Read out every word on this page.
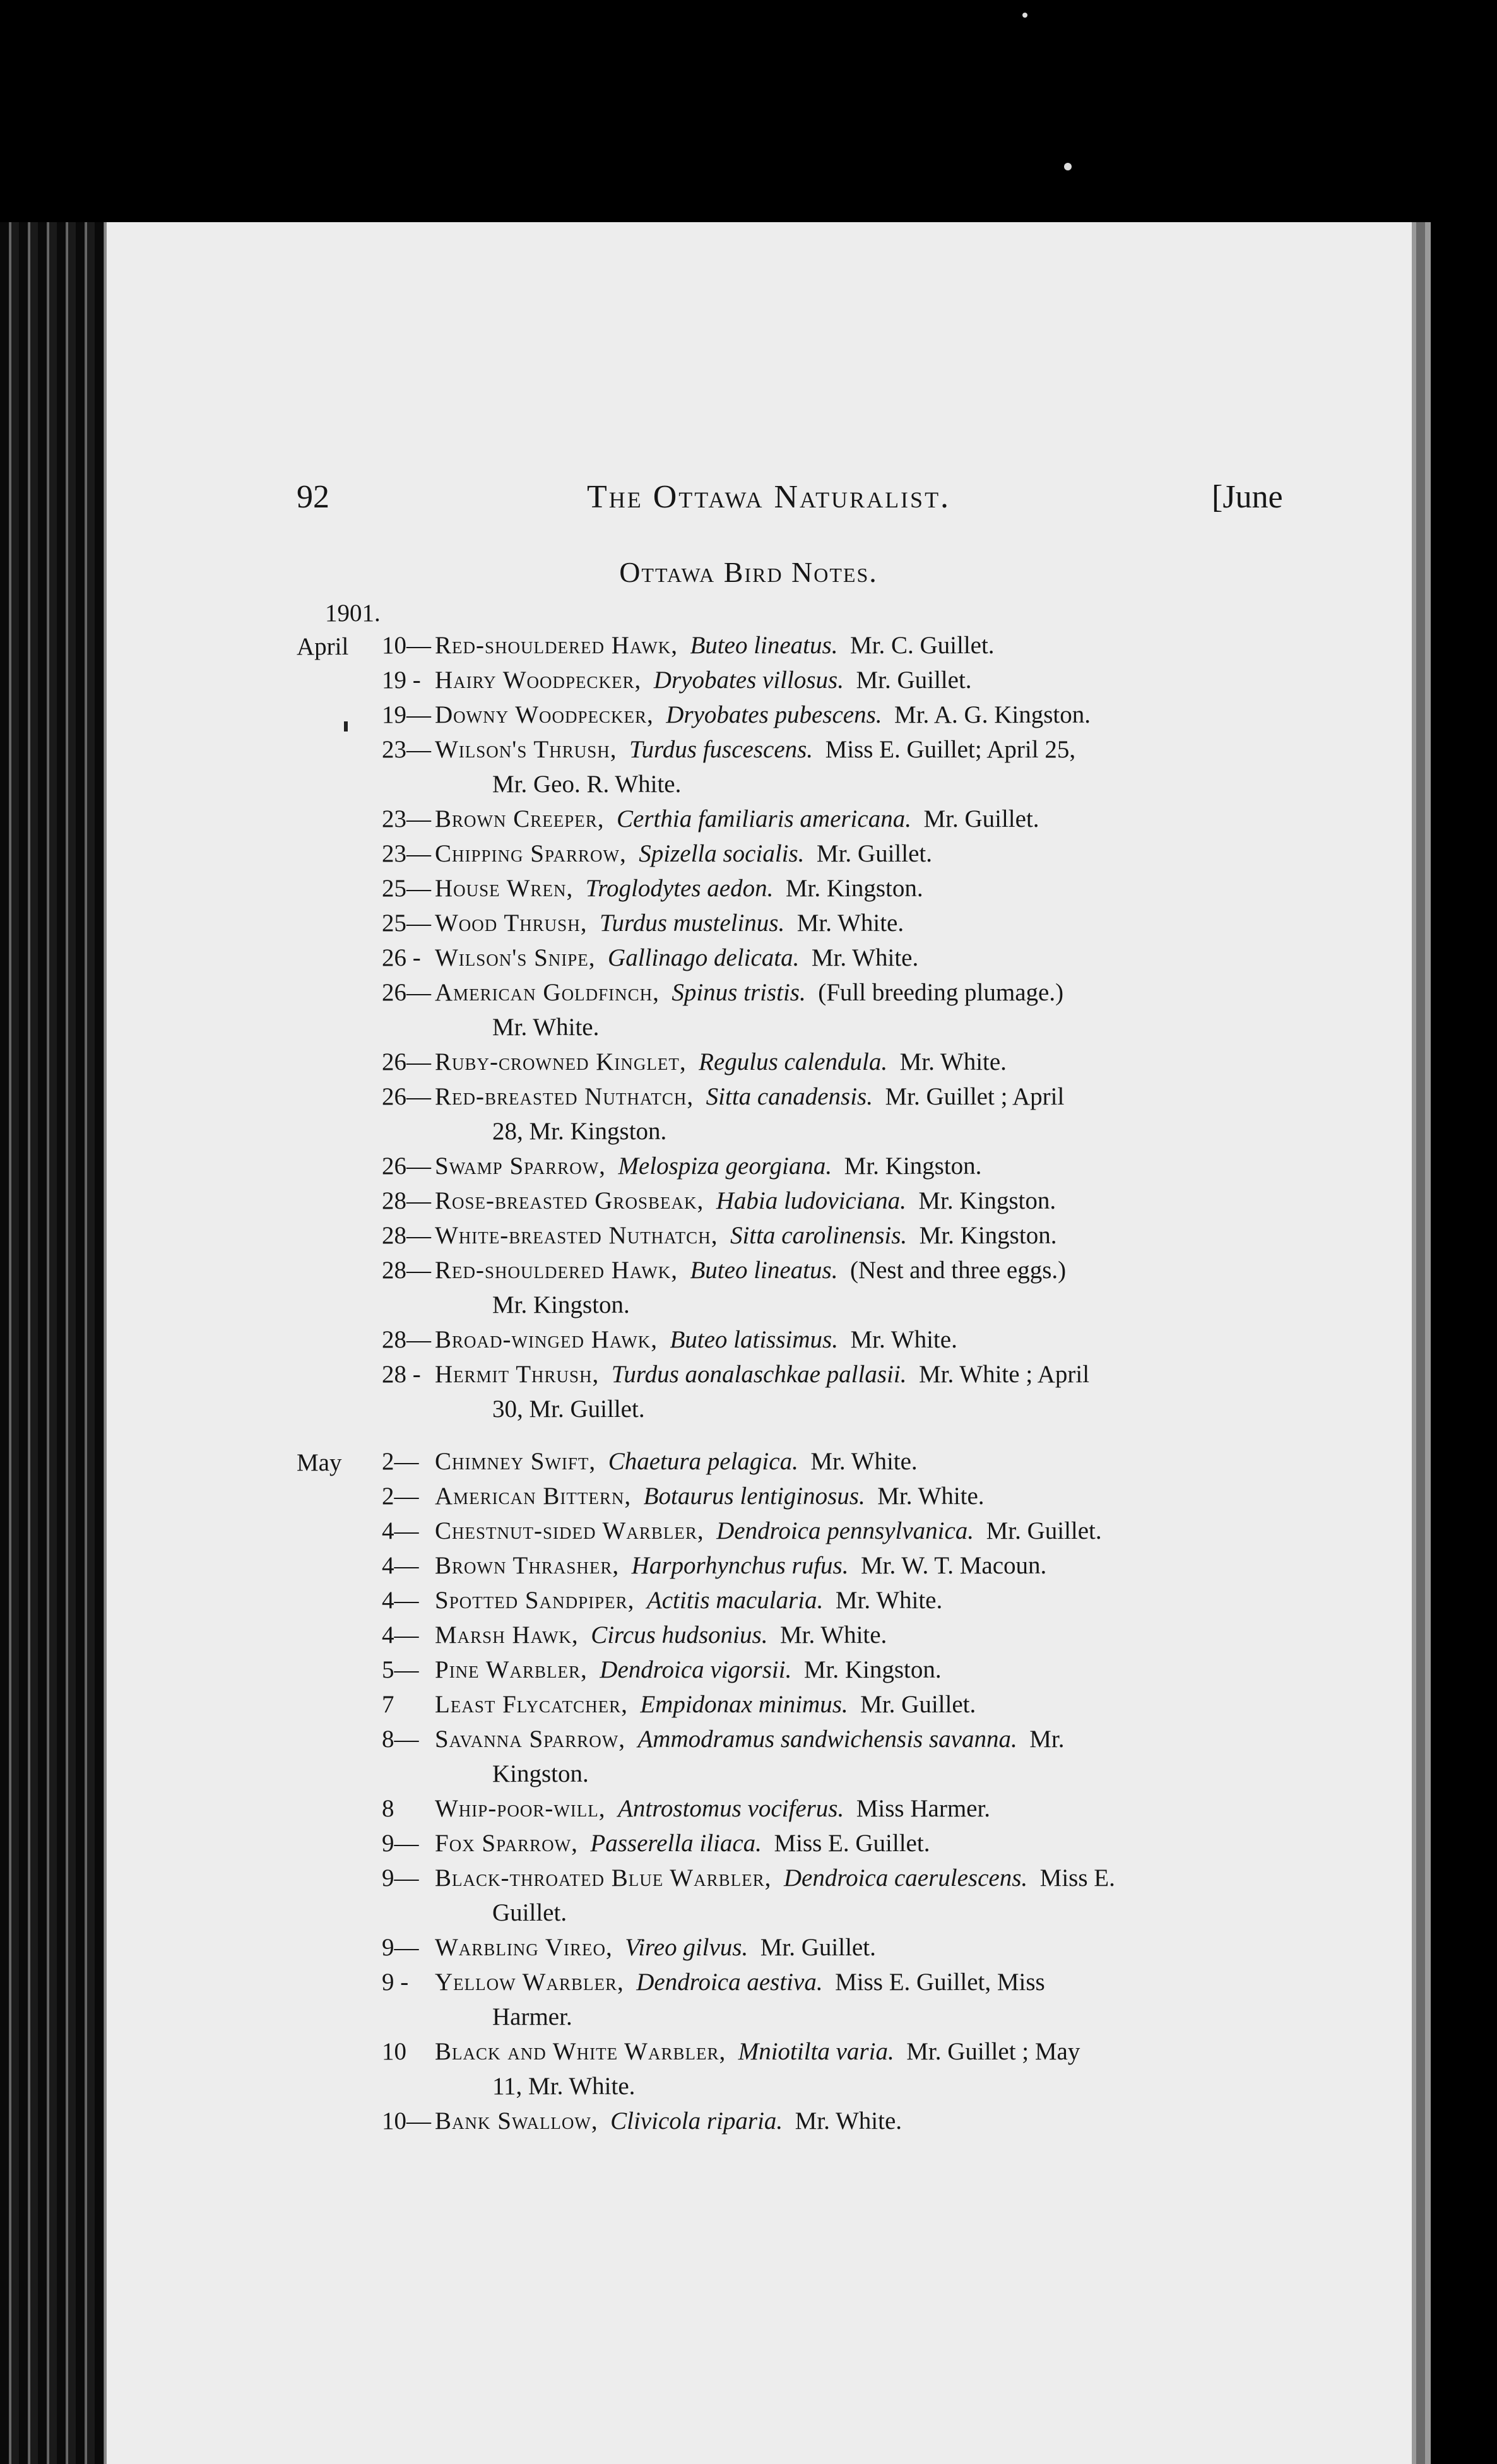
92	The Ottawa Naturalist.	[June
Ottawa Bird Notes.
1901.
April
May
10— Red-shouldered Hawk, Buteo lineatus. Mr. C. Guillet.
19 - Hairy Woodpecker, Dryobates villosus. Mr. Guillet.
19— Downy Woodpecker, Dryobates pubescens. Mr. A. G. Kingston.
23— Wilson's Thrush, Turdus fuscescens. Miss E. Guillet; April 25,
Mr. Geo. R. White.
23— Brown Creeper, Certhia familiaris americana. Mr. Guillet.
23— Chipping Sparrow, Spizella socialis. Mr. Guillet.
25— House Wren, Troglodytes aedon. Mr. Kingston.
25— Wood Thrush, Turdus mustelinus. Mr. White.
26 - Wilson's Snipe, Gallinago delicata. Mr. White.
26— American Goldfinch, Spinus tristis. (Full breeding plumage.)
Mr. White.
26— Ruby-crowned Kinglet, Regulus calendula. Mr. White.
26— Red-breasted Nuthatch, Sitta canadensis. Mr. Guillet ; April
28, Mr. Kingston.
26— Swamp Sparrow, Melospiza georgiana. Mr. Kingston.
28— Rose-breasted Grosbeak, Habia ludoviciana. Mr. Kingston.
28— White-breasted Nuthatch, Sitta carolinensis. Mr. Kingston.
28— Red-shouldered Hawk, Buteo lineatus. (Nest and three eggs.)
Mr. Kingston.
28— Broad-winged Hawk, Buteo latissimus. Mr. White.
28 - Hermit Thrush, Turdus aonalaschkae pallasii. Mr. White ; April
30, Mr. Guillet.
2— Chimney Swift, Chaetura pelagica. Mr. White.
2— American Bittern, Botaurus lentiginosus. Mr. White.
4— Chestnut-sided Warbler, Dendroica pennsylvanica. Mr. Guillet.
4— Brown Thrasher, Harporhynchus rufus. Mr. W. T. Macoun.
4— Spotted Sandpiper, Actitis macularia. Mr. White.
4— Marsh Hawk, Circus hudsonius. Mr. White.
5— Pine Warbler, Dendroica vigorsii. Mr. Kingston.
7 Least Flycatcher, Empidonax minimus. Mr. Guillet.
8— Savanna Sparrow, Ammodramus sandwichensis savanna. Mr.
Kingston.
8 Whip-poor-will, Antrostomus vociferus. Miss Harmer.
9— Fox Sparrow, Passerella iliaca. Miss E. Guillet.
9— Black-throated Blue Warbler, Dendroica caerulescens. Miss E.
Guillet.
9— Warbling Vireo, Vireo gilvus. Mr. Guillet.
9 - Yellow Warbler, Dendroica aestiva. Miss E. Guillet, Miss
Harmer.
10 Black and White Warbler, Mniotilta varia. Mr. Guillet ; May
11, Mr. White.
10— Bank Swallow, Clivicola riparia. Mr. White.
